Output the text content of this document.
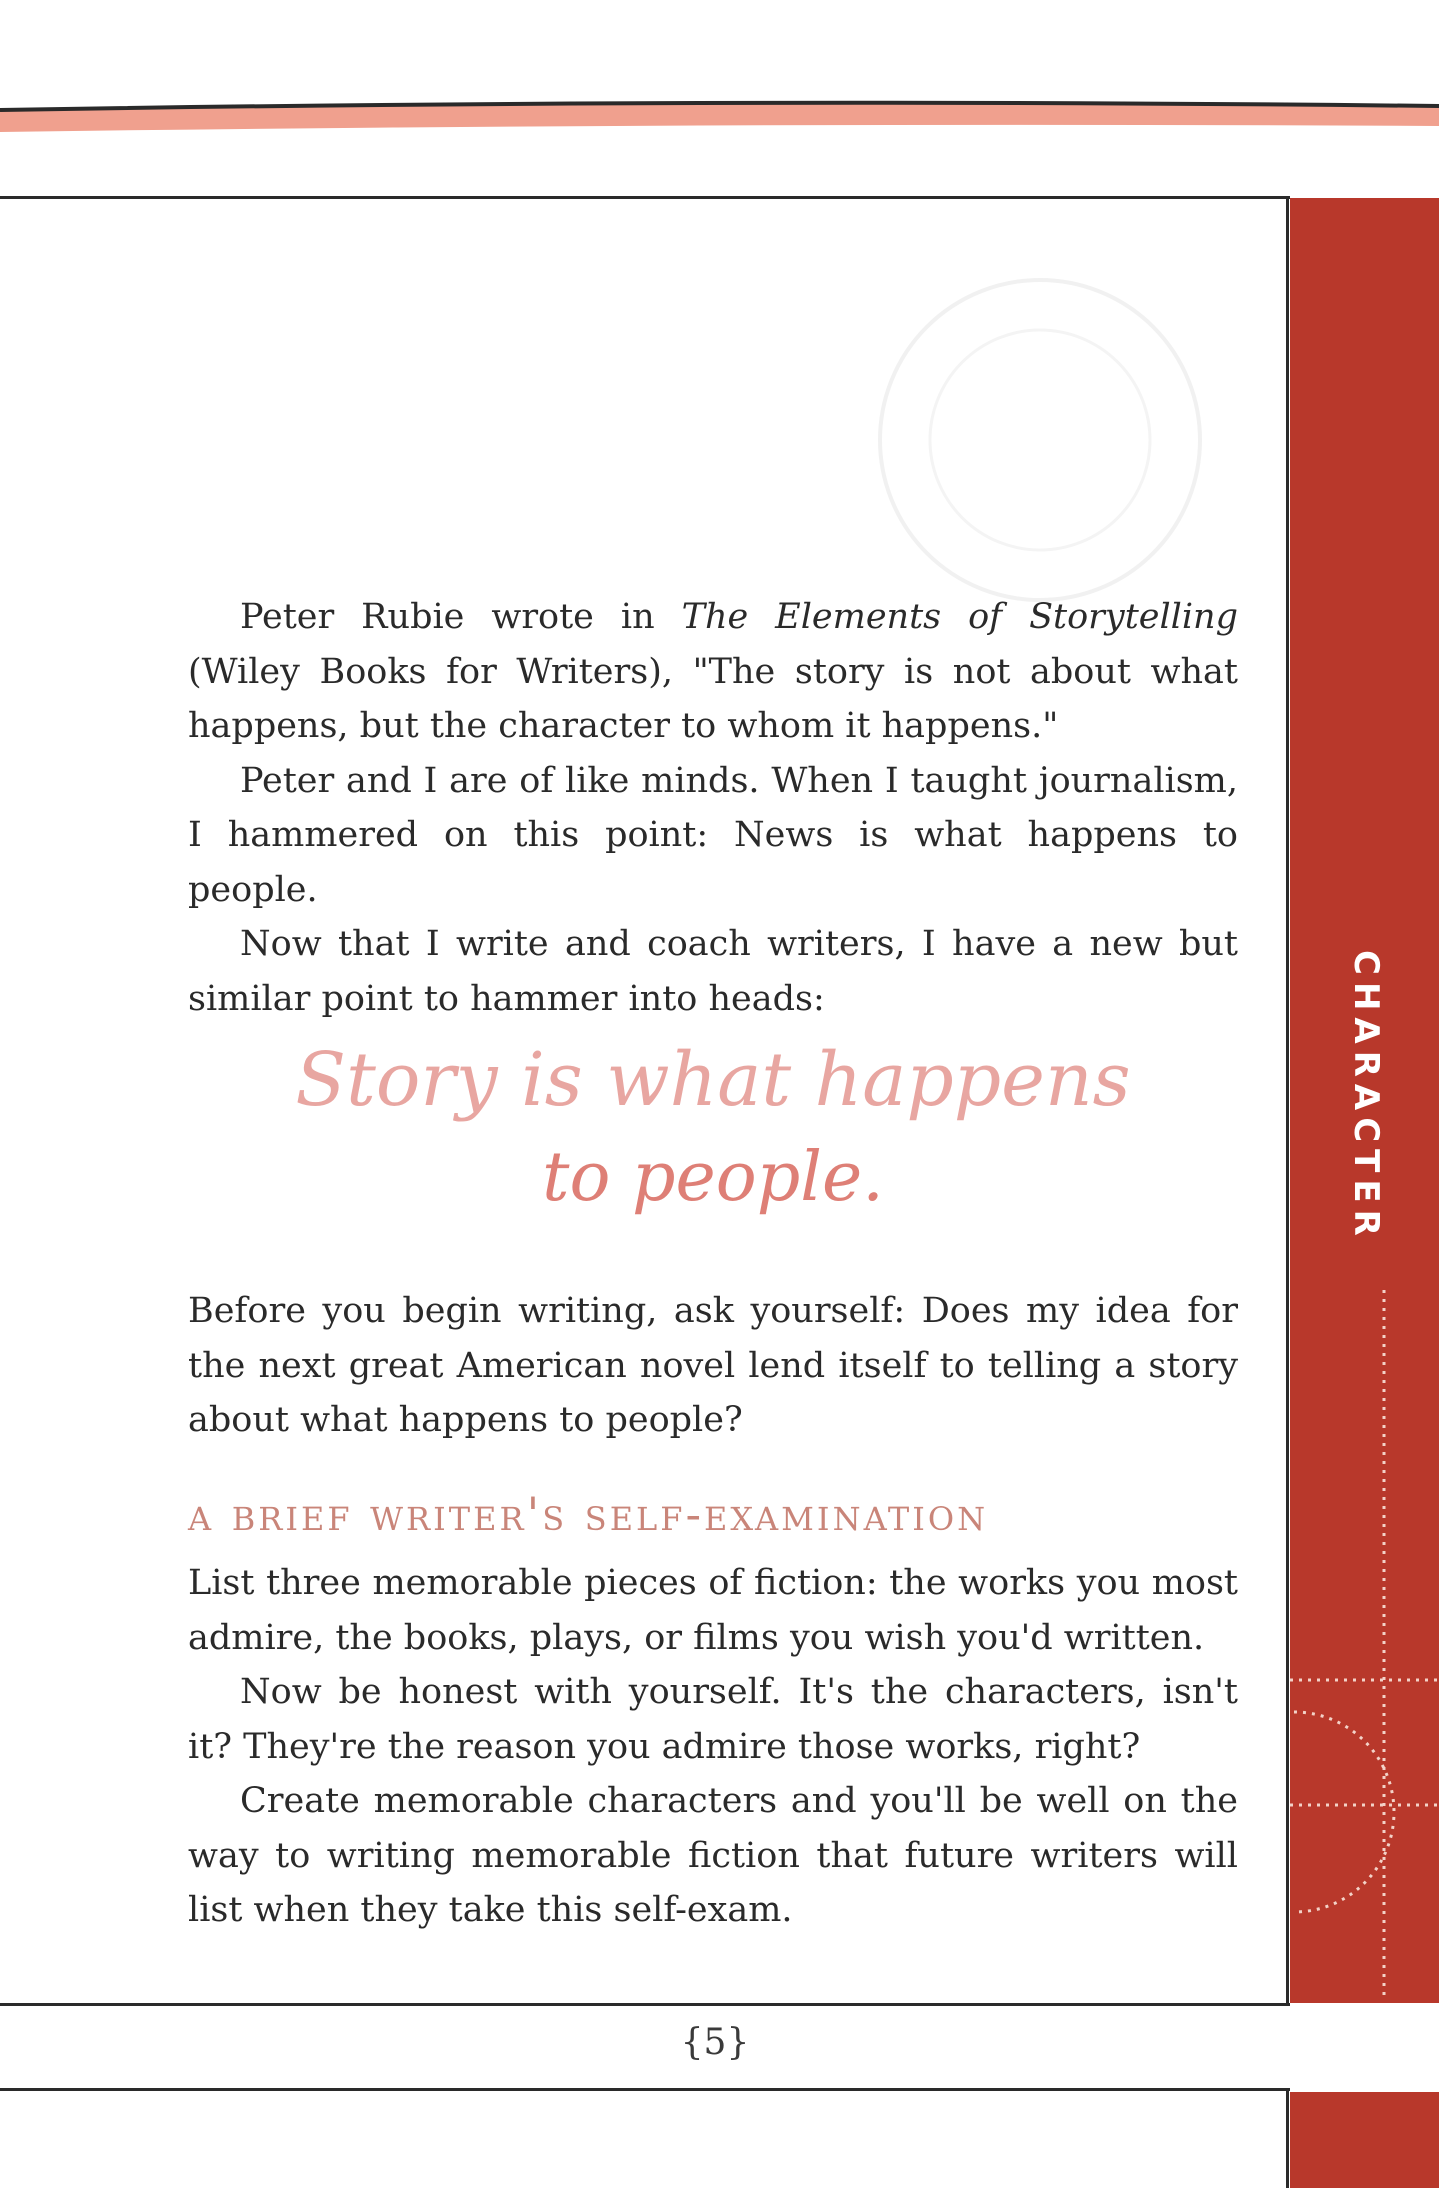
CHARACTER

Peter Rubie wrote in The Elements of Storytelling (Wiley Books for Writers), "The story is not about what happens, but the character to whom it happens."

Peter and I are of like minds. When I taught journalism, I hammered on this point: News is what happens to people.

Now that I write and coach writers, I have a new but similar point to hammer into heads:

Story is what happens
to people.

Before you begin writing, ask yourself: Does my idea for the next great American novel lend itself to telling a story about what happens to people?

a brief writer's self-examination

List three memorable pieces of fiction: the works you most admire, the books, plays, or films you wish you'd written.

Now be honest with yourself. It's the characters, isn't it? They're the reason you admire those works, right?

Create memorable characters and you'll be well on the way to writing memorable fiction that future writers will list when they take this self-exam.

{5}
